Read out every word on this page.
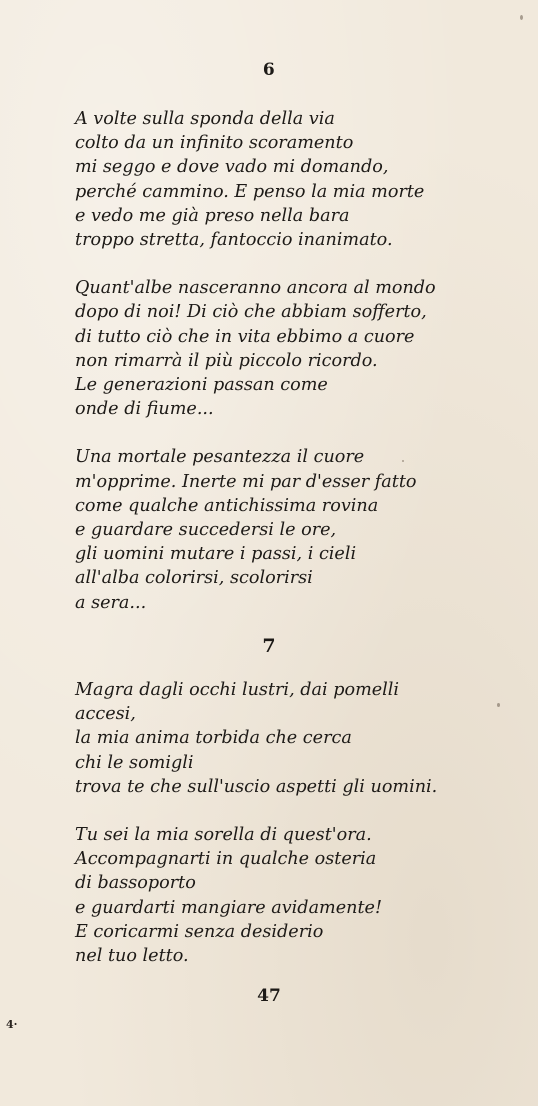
6
A volte sulla sponda della via
colto da un infinito scoramento
mi seggo e dove vado mi domando,
perché cammino. E penso la mia morte
e vedo me già preso nella bara
troppo stretta, fantoccio inanimato.
Quant'albe nasceranno ancora al mondo
dopo di noi! Di ciò che abbiam sofferto,
di tutto ciò che in vita ebbimo a cuore
non rimarrà il più piccolo ricordo.
Le generazioni passan come
onde di fiume...
Una mortale pesantezza il cuore
m'opprime. Inerte mi par d'esser fatto
come qualche antichissima rovina
e guardare succedersi le ore,
gli uomini mutare i passi, i cieli
all'alba colorirsi, scolorirsi
a sera...
7
Magra dagli occhi lustri, dai pomelli
accesi,
la mia anima torbida che cerca
chi le somigli
trova te che sull'uscio aspetti gli uomini.
Tu sei la mia sorella di quest'ora.
Accompagnarti in qualche osteria
di bassoporto
e guardarti mangiare avidamente!
E coricarmi senza desiderio
nel tuo letto.
47
4·
